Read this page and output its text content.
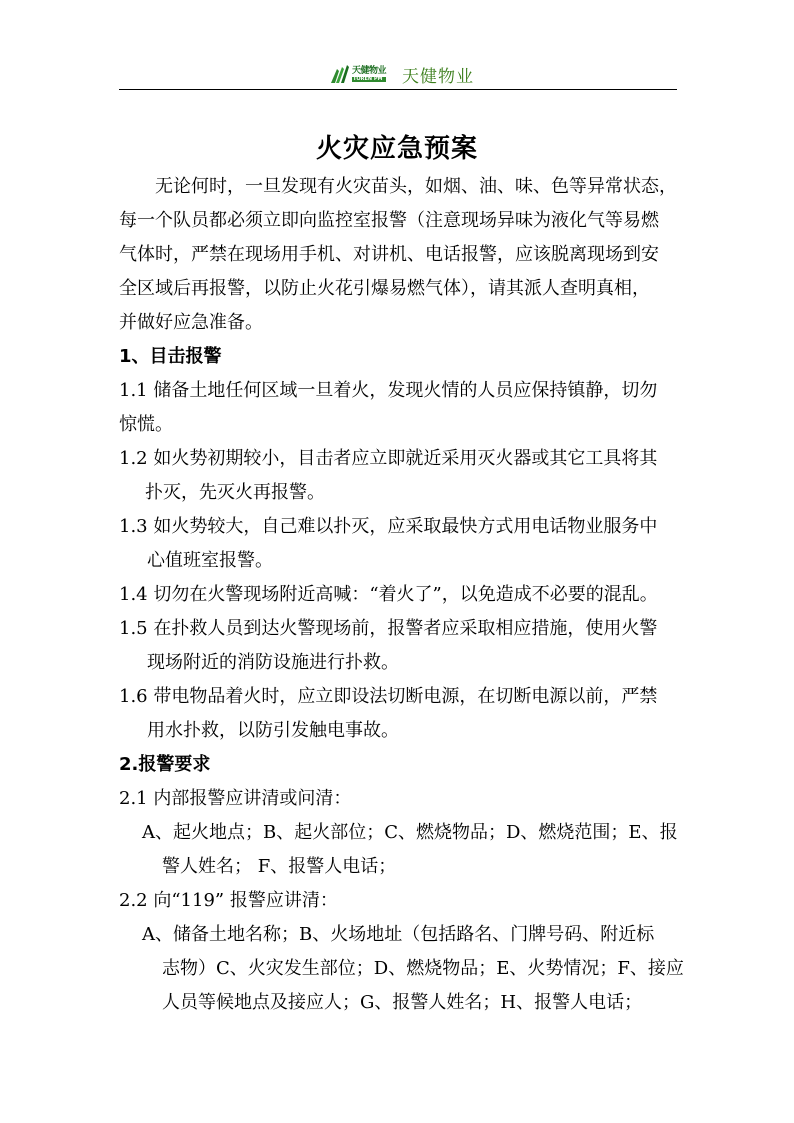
天健物业
TOREN PM 天健物业
火灾应急预案
无论何时，一旦发现有火灾苗头，如烟、油、味、色等异常状态，
每一个队员都必须立即向监控室报警（注意现场异味为液化气等易燃
气体时，严禁在现场用手机、对讲机、电话报警，应该脱离现场到安
全区域后再报警，以防止火花引爆易燃气体），请其派人查明真相，
并做好应急准备。
1、目击报警
1.1 储备土地任何区域一旦着火，发现火情的人员应保持镇静，切勿
惊慌。
1.2 如火势初期较小，目击者应立即就近采用灭火器或其它工具将其
扑灭，先灭火再报警。
1.3 如火势较大，自己难以扑灭，应采取最快方式用电话物业服务中
心值班室报警。
1.4 切勿在火警现场附近高喊：“着火了”，以免造成不必要的混乱。
1.5 在扑救人员到达火警现场前，报警者应采取相应措施，使用火警
现场附近的消防设施进行扑救。
1.6 带电物品着火时，应立即设法切断电源，在切断电源以前，严禁
用水扑救，以防引发触电事故。
2.报警要求
2.1 内部报警应讲清或问清：
A、起火地点；B、起火部位；C、燃烧物品；D、燃烧范围；E、报
警人姓名； F、报警人电话；
2.2 向“119” 报警应讲清：
A、储备土地名称；B、火场地址（包括路名、门牌号码、附近标
志物）C、火灾发生部位；D、燃烧物品；E、火势情况；F、接应
人员等候地点及接应人；G、报警人姓名；H、报警人电话；
